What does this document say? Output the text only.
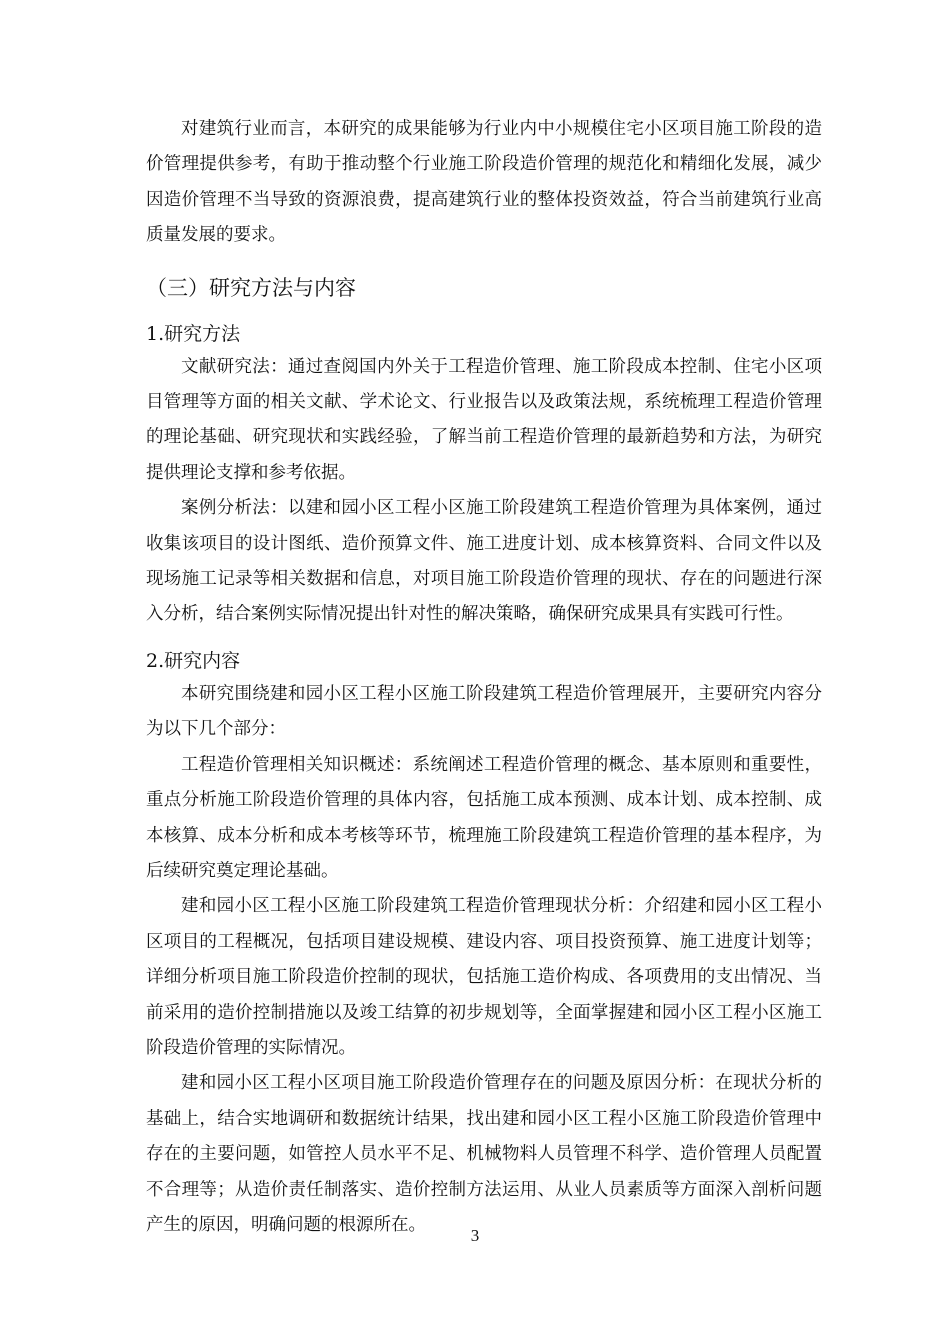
对建筑行业而言，本研究的成果能够为行业内中小规模住宅小区项目施工阶段的造价管理提供参考，有助于推动整个行业施工阶段造价管理的规范化和精细化发展，减少因造价管理不当导致的资源浪费，提高建筑行业的整体投资效益，符合当前建筑行业高质量发展的要求。

（三）研究方法与内容
1.研究方法

文献研究法：通过查阅国内外关于工程造价管理、施工阶段成本控制、住宅小区项目管理等方面的相关文献、学术论文、行业报告以及政策法规，系统梳理工程造价管理的理论基础、研究现状和实践经验，了解当前工程造价管理的最新趋势和方法，为研究提供理论支撑和参考依据。

案例分析法：以建和园小区工程小区施工阶段建筑工程造价管理为具体案例，通过收集该项目的设计图纸、造价预算文件、施工进度计划、成本核算资料、合同文件以及现场施工记录等相关数据和信息，对项目施工阶段造价管理的现状、存在的问题进行深入分析，结合案例实际情况提出针对性的解决策略，确保研究成果具有实践可行性。

2.研究内容

本研究围绕建和园小区工程小区施工阶段建筑工程造价管理展开，主要研究内容分为以下几个部分：

工程造价管理相关知识概述：系统阐述工程造价管理的概念、基本原则和重要性，重点分析施工阶段造价管理的具体内容，包括施工成本预测、成本计划、成本控制、成本核算、成本分析和成本考核等环节，梳理施工阶段建筑工程造价管理的基本程序，为后续研究奠定理论基础。

建和园小区工程小区施工阶段建筑工程造价管理现状分析：介绍建和园小区工程小区项目的工程概况，包括项目建设规模、建设内容、项目投资预算、施工进度计划等；详细分析项目施工阶段造价控制的现状，包括施工造价构成、各项费用的支出情况、当前采用的造价控制措施以及竣工结算的初步规划等，全面掌握建和园小区工程小区施工阶段造价管理的实际情况。

建和园小区工程小区项目施工阶段造价管理存在的问题及原因分析：在现状分析的基础上，结合实地调研和数据统计结果，找出建和园小区工程小区施工阶段造价管理中存在的主要问题，如管控人员水平不足、机械物料人员管理不科学、造价管理人员配置不合理等；从造价责任制落实、造价控制方法运用、从业人员素质等方面深入剖析问题产生的原因，明确问题的根源所在。

3
